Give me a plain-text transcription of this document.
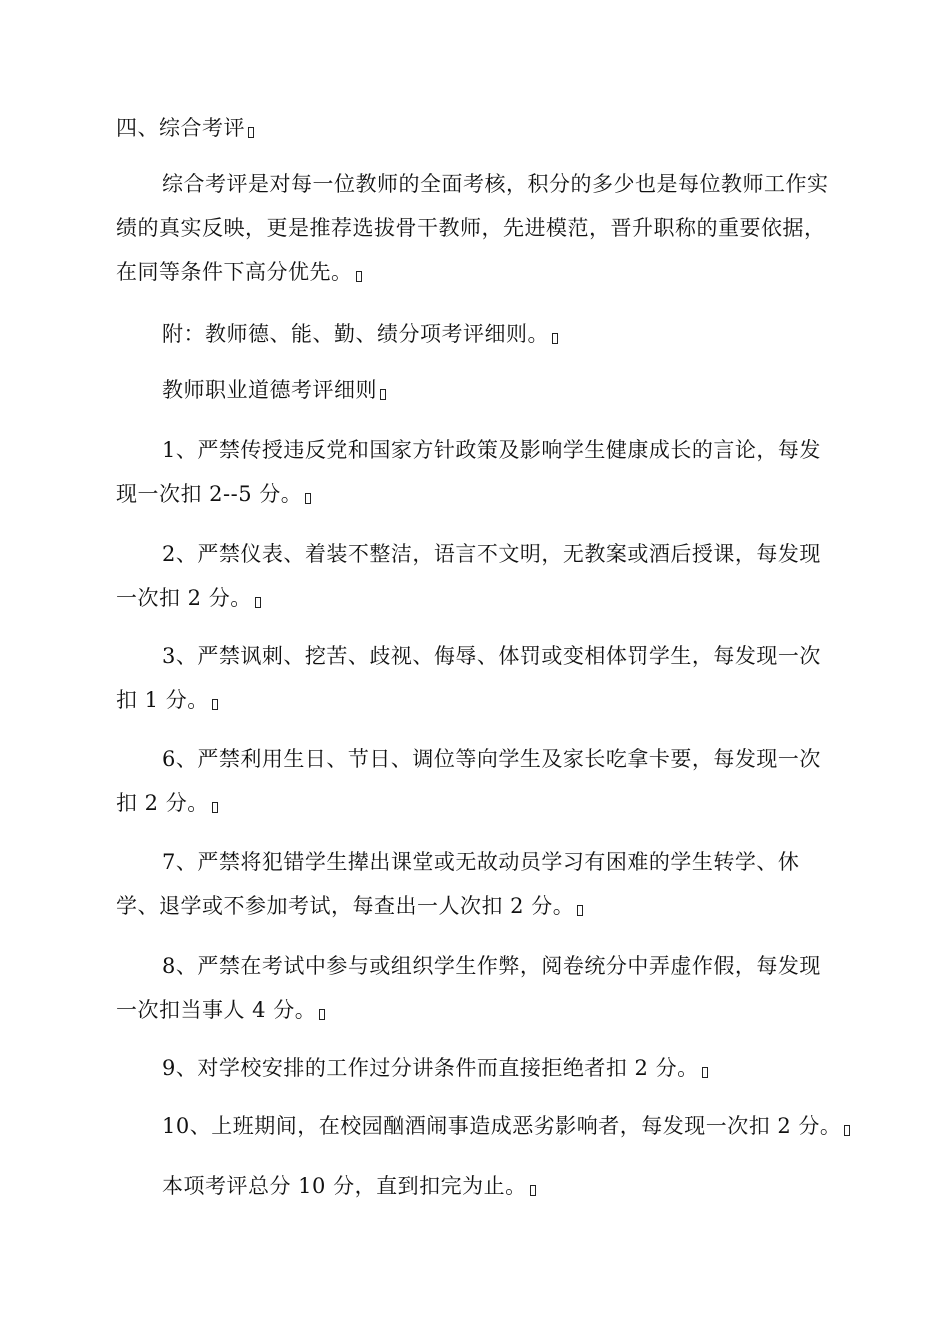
四、综合考评

综合考评是对每一位教师的全面考核，积分的多少也是每位教师工作实绩的真实反映，更是推荐选拔骨干教师，先进模范，晋升职称的重要依据，在同等条件下高分优先。

附：教师德、能、勤、绩分项考评细则。

教师职业道德考评细则

1、严禁传授违反党和国家方针政策及影响学生健康成长的言论，每发现一次扣 2--5 分。

2、严禁仪表、着装不整洁，语言不文明，无教案或酒后授课，每发现一次扣 2 分。

3、严禁讽刺、挖苦、歧视、侮辱、体罚或变相体罚学生，每发现一次扣 1 分。

6、严禁利用生日、节日、调位等向学生及家长吃拿卡要，每发现一次扣 2 分。

7、严禁将犯错学生撵出课堂或无故动员学习有困难的学生转学、休学、退学或不参加考试，每查出一人次扣 2 分。

8、严禁在考试中参与或组织学生作弊，阅卷统分中弄虚作假，每发现一次扣当事人 4 分。

9、对学校安排的工作过分讲条件而直接拒绝者扣 2 分。

10、上班期间，在校园酗酒闹事造成恶劣影响者，每发现一次扣 2 分。

本项考评总分 10 分，直到扣完为止。
